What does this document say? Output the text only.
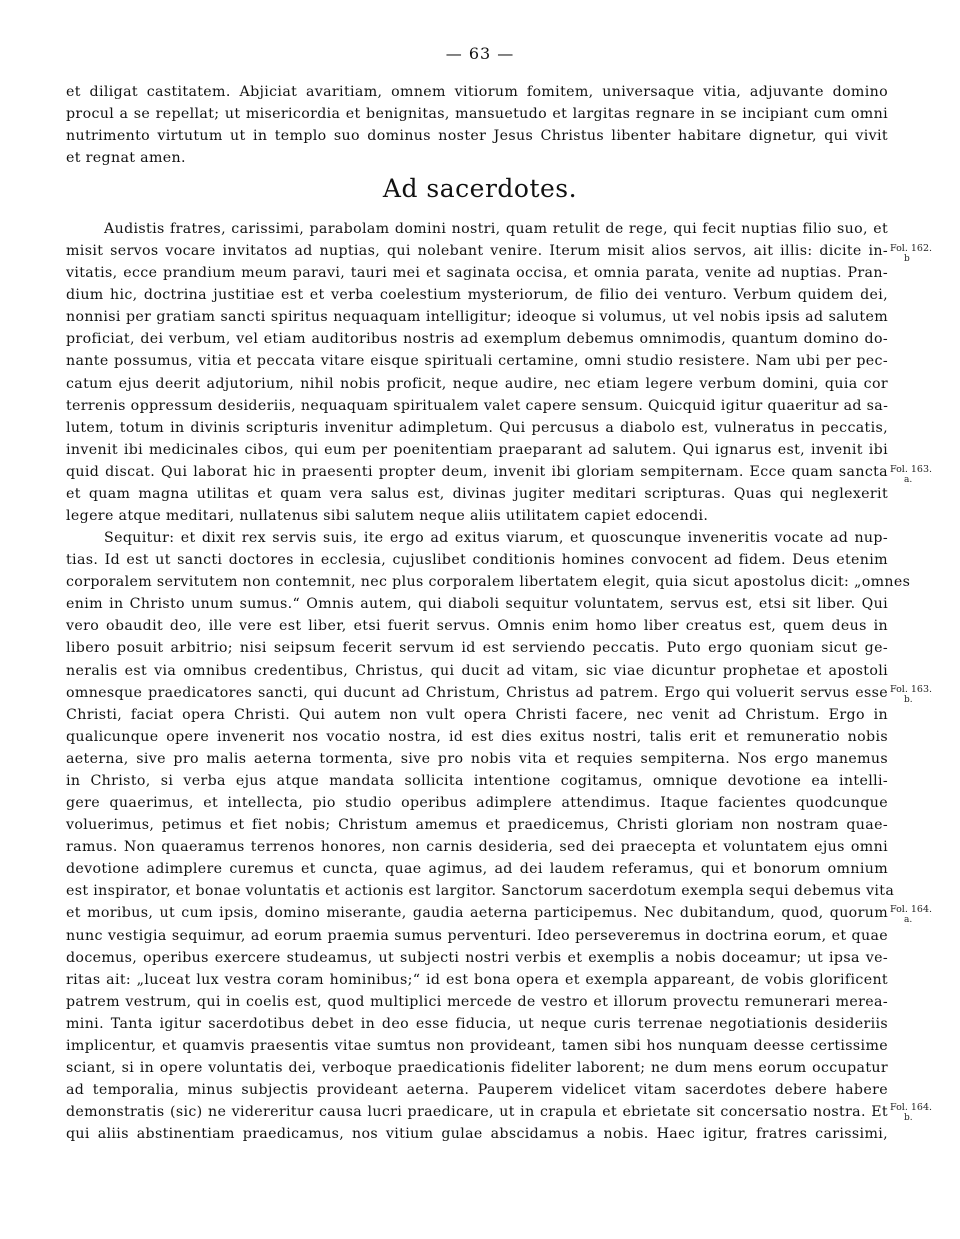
— 63 —
et diligat castitatem. Abjiciat avaritiam, omnem vitiorum fomitem, universaque vitia, adjuvante domino
procul a se repellat; ut misericordia et benignitas, mansuetudo et largitas regnare in se incipiant cum omni
nutrimento virtutum ut in templo suo dominus noster Jesus Christus libenter habitare dignetur, qui vivit
et regnat amen.
Ad sacerdotes.
Audistis fratres, carissimi, parabolam domini nostri, quam retulit de rege, qui fecit nuptias filio suo, et
misit servos vocare invitatos ad nuptias, qui nolebant venire. Iterum misit alios servos, ait illis: dicite in-
vitatis, ecce prandium meum paravi, tauri mei et saginata occisa, et omnia parata, venite ad nuptias. Pran-
dium hic, doctrina justitiae est et verba coelestium mysteriorum, de filio dei venturo. Verbum quidem dei,
nonnisi per gratiam sancti spiritus nequaquam intelligitur; ideoque si volumus, ut vel nobis ipsis ad salutem
proficiat, dei verbum, vel etiam auditoribus nostris ad exemplum debemus omnimodis, quantum domino do-
nante possumus, vitia et peccata vitare eisque spirituali certamine, omni studio resistere. Nam ubi per pec-
catum ejus deerit adjutorium, nihil nobis proficit, neque audire, nec etiam legere verbum domini, quia cor
terrenis oppressum desideriis, nequaquam spiritualem valet capere sensum. Quicquid igitur quaeritur ad sa-
lutem, totum in divinis scripturis invenitur adimpletum. Qui percusus a diabolo est, vulneratus in peccatis,
invenit ibi medicinales cibos, qui eum per poenitentiam praeparant ad salutem. Qui ignarus est, invenit ibi
quid discat. Qui laborat hic in praesenti propter deum, invenit ibi gloriam sempiternam. Ecce quam sancta
et quam magna utilitas et quam vera salus est, divinas jugiter meditari scripturas. Quas qui neglexerit
legere atque meditari, nullatenus sibi salutem neque aliis utilitatem capiet edocendi.
Sequitur: et dixit rex servis suis, ite ergo ad exitus viarum, et quoscunque inveneritis vocate ad nup-
tias. Id est ut sancti doctores in ecclesia, cujuslibet conditionis homines convocent ad fidem. Deus etenim
corporalem servitutem non contemnit, nec plus corporalem libertatem elegit, quia sicut apostolus dicit: „omnes
enim in Christo unum sumus.“ Omnis autem, qui diaboli sequitur voluntatem, servus est, etsi sit liber. Qui
vero obaudit deo, ille vere est liber, etsi fuerit servus. Omnis enim homo liber creatus est, quem deus in
libero posuit arbitrio; nisi seipsum fecerit servum id est serviendo peccatis. Puto ergo quoniam sicut ge-
neralis est via omnibus credentibus, Christus, qui ducit ad vitam, sic viae dicuntur prophetae et apostoli
omnesque praedicatores sancti, qui ducunt ad Christum, Christus ad patrem. Ergo qui voluerit servus esse
Christi, faciat opera Christi. Qui autem non vult opera Christi facere, nec venit ad Christum. Ergo in
qualicunque opere invenerit nos vocatio nostra, id est dies exitus nostri, talis erit et remuneratio nobis
aeterna, sive pro malis aeterna tormenta, sive pro nobis vita et requies sempiterna. Nos ergo manemus
in Christo, si verba ejus atque mandata sollicita intentione cogitamus, omnique devotione ea intelli-
gere quaerimus, et intellecta, pio studio operibus adimplere attendimus. Itaque facientes quodcunque
voluerimus, petimus et fiet nobis; Christum amemus et praedicemus, Christi gloriam non nostram quae-
ramus. Non quaeramus terrenos honores, non carnis desideria, sed dei praecepta et voluntatem ejus omni
devotione adimplere curemus et cuncta, quae agimus, ad dei laudem referamus, qui et bonorum omnium
est inspirator, et bonae voluntatis et actionis est largitor. Sanctorum sacerdotum exempla sequi debemus vita
et moribus, ut cum ipsis, domino miserante, gaudia aeterna participemus. Nec dubitandum, quod, quorum
nunc vestigia sequimur, ad eorum praemia sumus perventuri. Ideo perseveremus in doctrina eorum, et quae
docemus, operibus exercere studeamus, ut subjecti nostri verbis et exemplis a nobis doceamur; ut ipsa ve-
ritas ait: „luceat lux vestra coram hominibus;“ id est bona opera et exempla appareant, de vobis glorificent
patrem vestrum, qui in coelis est, quod multiplici mercede de vestro et illorum provectu remunerari merea-
mini. Tanta igitur sacerdotibus debet in deo esse fiducia, ut neque curis terrenae negotiationis desideriis
implicentur, et quamvis praesentis vitae sumtus non provideant, tamen sibi hos nunquam deesse certissime
sciant, si in opere voluntatis dei, verboque praedicationis fideliter laborent; ne dum mens eorum occupatur
ad temporalia, minus subjectis provideant aeterna. Pauperem videlicet vitam sacerdotes debere habere
demonstratis (sic) ne videreritur causa lucri praedicare, ut in crapula et ebrietate sit concersatio nostra. Et
qui aliis abstinentiam praedicamus, nos vitium gulae abscidamus a nobis. Haec igitur, fratres carissimi,
Fol. 162.
b
Fol. 163.
a.
Fol. 163.
b.
Fol. 164.
a.
Fol. 164.
b.
